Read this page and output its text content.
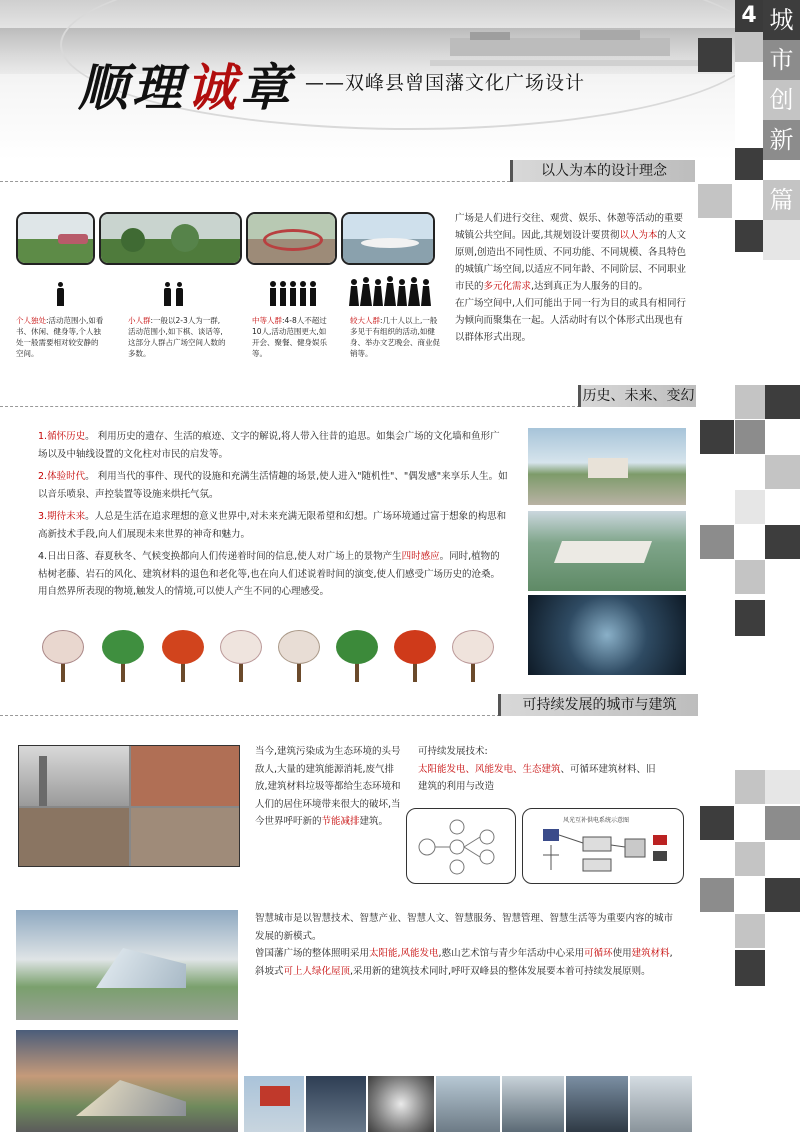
顺理诚章 ——双峰县曾国藩文化广场设计
4 城
市
创
新
篇
以人为本的设计理念
个人独处:活动范围小,如看书、休闲、健身等,个人独处一般需要相对较安静的空间。
小人群:一般以2-3人为一群,活动范围小,如下棋、谈话等,这部分人群占广场空间人数的多数。
中等人群:4-8人不超过10人,活动范围更大,如开会、聚餐、健身娱乐等。
较大人群:几十人以上,一般多见于有组织的活动,如健身、举办文艺晚会、商业促销等。
广场是人们进行交往、观赏、娱乐、休憩等活动的重要城镇公共空间。因此,其规划设计要贯彻以人为本的人文原则,创造出不同性质、不同功能、不同规模、各具特色的城镇广场空间,以适应不同年龄、不同阶层、不同职业市民的多元化需求,达到真正为人服务的目的。
在广场空间中,人们可能出于同一行为目的或具有相同行为倾向而聚集在一起。人活动时有以个体形式出现也有以群体形式出现。
历史、未来、变幻
1.循怀历史。 利用历史的遗存、生活的痕迹、文字的解说,将人带入往昔的追思。如集会广场的文化墙和鱼形广场以及中轴线设置的文化柱对市民的启发等。
2.体验时代。 利用当代的事件、现代的设施和充满生活情趣的场景,使人进入"随机性"、"偶发感"来享乐人生。如以音乐喷泉、声控装置等设施来烘托气氛。
3.期待未来。人总是生活在追求理想的意义世界中,对未来充满无限希望和幻想。广场环境通过富于想象的构思和高新技术手段,向人们展现未来世界的神奇和魅力。
4.日出日落、春夏秋冬、气候变换都向人们传递着时间的信息,使人对广场上的景物产生四时感应。同时,植物的枯树老藤、岩石的风化、建筑材料的退色和老化等,也在向人们述说着时间的演变,使人们感受广场历史的沧桑。用自然界所表现的物境,触发人的情境,可以使人产生不同的心理感受。
可持续发展的城市与建筑
当今,建筑污染成为生态环境的头号敌人,大量的建筑能源消耗,废气排放,建筑材料垃圾等都给生态环境和人们的居住环境带来很大的破坏,当今世界呼吁新的节能减排建筑。
可持续发展技术:
太阳能发电、风能发电、生态建筑、可循环建筑材料、旧建筑的利用与改造
风光互补供电系统示意图
智慧城市是以智慧技术、智慧产业、智慧人文、智慧服务、智慧管理、智慧生活等为重要内容的城市发展的新模式。
曾国藩广场的整体照明采用太阳能,风能发电,憨山艺术馆与青少年活动中心采用可循环使用建筑材料,斜坡式可上人绿化屋顶,采用新的建筑技术同时,呼吁双峰县的整体发展要本着可持续发展原则。
